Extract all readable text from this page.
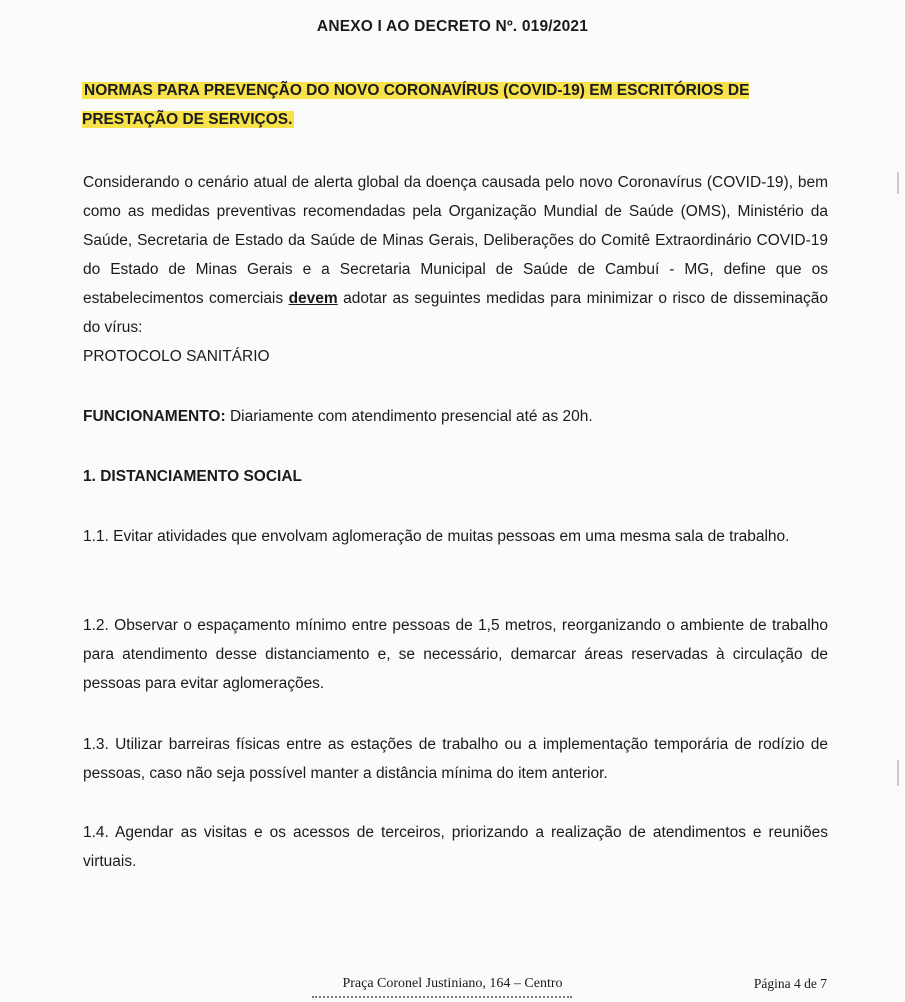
ANEXO I AO DECRETO Nº. 019/2021
NORMAS PARA PREVENÇÃO DO NOVO CORONAVÍRUS (COVID-19) EM ESCRITÓRIOS DE PRESTAÇÃO DE SERVIÇOS.
Considerando o cenário atual de alerta global da doença causada pelo novo Coronavírus (COVID-19), bem como as medidas preventivas recomendadas pela Organização Mundial de Saúde (OMS), Ministério da Saúde, Secretaria de Estado da Saúde de Minas Gerais, Deliberações do Comitê Extraordinário COVID-19 do Estado de Minas Gerais e a Secretaria Municipal de Saúde de Cambuí - MG, define que os estabelecimentos comerciais devem adotar as seguintes medidas para minimizar o risco de disseminação do vírus:
PROTOCOLO SANITÁRIO
FUNCIONAMENTO: Diariamente com atendimento presencial até as 20h.
1. DISTANCIAMENTO SOCIAL
1.1. Evitar atividades que envolvam aglomeração de muitas pessoas em uma mesma sala de trabalho.
1.2. Observar o espaçamento mínimo entre pessoas de 1,5 metros, reorganizando o ambiente de trabalho para atendimento desse distanciamento e, se necessário, demarcar áreas reservadas à circulação de pessoas para evitar aglomerações.
1.3. Utilizar barreiras físicas entre as estações de trabalho ou a implementação temporária de rodízio de pessoas, caso não seja possível manter a distância mínima do item anterior.
1.4. Agendar as visitas e os acessos de terceiros, priorizando a realização de atendimentos e reuniões virtuais.
Praça Coronel Justiniano, 164 – Centro	Página 4 de 7
